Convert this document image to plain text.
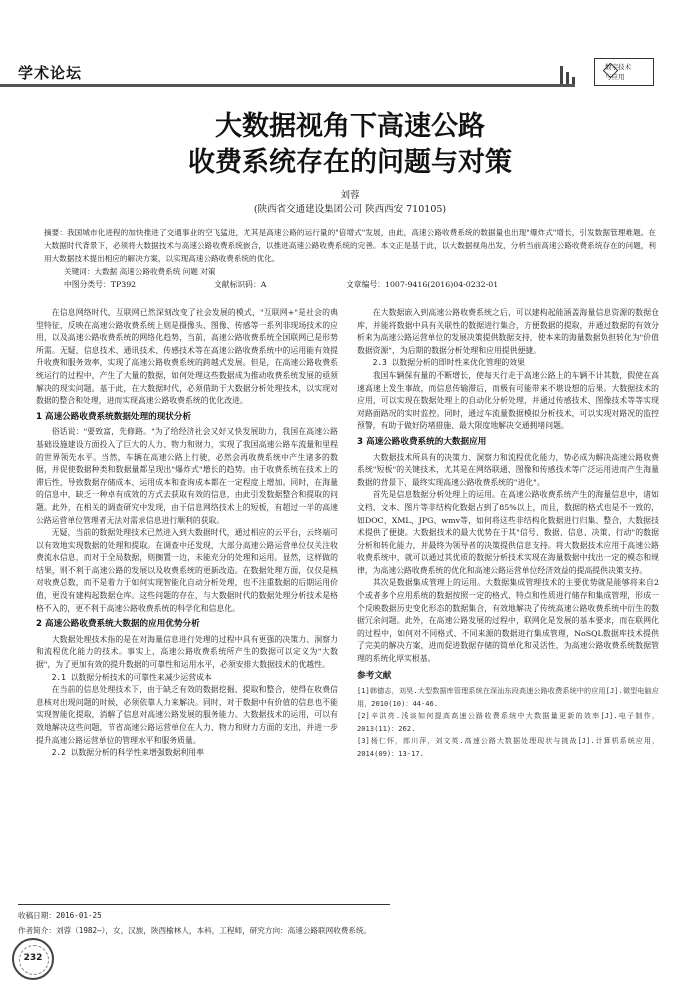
学术论坛	数字技术
与应用
大数据视角下高速公路
收费系统存在的问题与对策
刘蓉
(陕西省交通建设集团公司 陕西西安 710105)
摘要：我国城市化进程的加快推进了交通事业的空飞猛进，尤其是高速公路的运行量的"倍增式"发展，由此，高速公路收费系统的数据量也出现"爆炸式"增长，引发数据管理难题。在大数据时代背景下，必须将大数据技术与高速公路收费系统嵌合，以推进高速公路收费系统的完善。本文正是基于此，以大数据视角出发，分析当前高速公路收费系统存在的问题，利用大数据技术提出相应的解决方案，以实现高速公路收费系统的优化。
关键词：大数据 高速公路收费系统 问题 对策
中图分类号：TP392	文献标识码：A	文章编号：1007-9416(2016)04-0232-01

在信息网络时代，互联网已然深刻改变了社会发展的模式，"互联网+"是社会的典型特征，反映在高速公路收费系统上则是摄像头、图像、传感等一系列非现场技术的应用，以及高速公路收费系统的网络化趋势，当前，高速公路收费系统全国联网已是形势所需。无疑，信息技术、通讯技术、传感技术等在高速公路收费系统中的运用能有效提升收费和服务效率，实现了高速公路收费系统的跨越式发展。但是，在高速公路收费系统运行的过程中，产生了大量的数据，如何处理这些数据成为推动收费系统发展的亟须解决的现实问题。基于此，在大数据时代，必须借助于大数据分析处理技术，以实现对数据的整合和处理，进而实现高速公路收费系统的优化改进。

1 高速公路收费系统数据处理的现状分析

俗话说："要致富，先修路。"为了给经济社会又好又快发展助力，我国在高速公路基础设施建设方面投入了巨大的人力、物力和财力，实现了我国高速公路车流量和里程的世界领先水平。当然，车辆在高速公路上行驶，必然会再收费系统中产生诸多的数据，并促使数据种类和数据量都呈现出"爆炸式"增长的趋势。由于收费系统在技术上的滞后性，导致数据存储成本、运用成本和查询成本都在一定程度上增加。同时，在海量的信息中，缺乏一种卓有成效的方式去获取有效的信息，由此引发数据整合和提取的问题。此外，在相关的调查研究中发现，由于信息网络技术上的短板，有超过一半的高速公路运营单位管理者无法对需求信息进行顺利的获取。

无疑，当前的数据处理技术已然进入到大数据时代，通过相应的云平台，云终端可以有效地实现数据的处理和提取。在调查中还发现，大部分高速公路运营单位仅关注收费流水信息，而对于全局数据，则搁置一边，未能充分的处理和运用。显然，这样做的结果，则不利于高速公路的发展以及收费系统的更新改造。在数据处理方面，仅仅是核对收费总数，而不是着力于如何实现智能化自动分析处理，也不注重数据的后期运用价值，更没有建构起数据仓库。这些问题的存在，与大数据时代的数据处理分析技术是格格不入的，更不利于高速公路收费系统的科学化和信息化。

2 高速公路收费系统大数据的应用优势分析

大数据处理技术指的是在对海量信息进行处理的过程中具有更强的决策力、洞察力和流程优化能力的技术。事实上，高速公路收费系统所产生的数据可以定义为"大数据"，为了更加有效的提升数据的可靠性和运用水平，必须安排大数据技术的优越性。

2.1 以数据分析技术的可靠性来减少运营成本

在当前的信息处理技术下，由于缺乏有效的数据挖掘、提取和整合，使得在收费信息核对出现问题的时候，必须依靠人力来解决。同时，对于数据中有价值的信息也不能实现智能化提取，消解了信息对高速公路发展的服务能力。大数据技术的运用，可以有效地解决这些问题，节省高速公路运营单位在人力、物力和财力方面的支出，并进一步提升高速公路运营单位的管理水平和服务质量。

2.2 以数据分析的科学性来增强数据利用率

在大数据嵌入到高速公路收费系统之后，可以建构起能涵盖海量信息资源的数据仓库，并能将数据中具有关联性的数据进行集合，方便数据的提取，并通过数据的有效分析来为高速公路运营单位的发展决策提供数据支持，使本来的海量数据负担转化为"价值数据资源"，为后期的数据分析处理和应用提供便捷。

2.3 以数据分析的即时性来优化管理的效果

我国车辆保有量的不断增长，使每天行走于高速公路上的车辆不计其数，假使在高速高速上发生事故，而信息传输滞后，而极有可能带来不堪设想的后果。大数据技术的应用，可以实现在数据处理上的自动化分析处理，并通过传感技术、图像技术等等实现对路面路况的实时监控。同时，通过车流量数据模拟分析技术，可以实现对路况的监控预警，有助于做好防堵措施、最大限度地解决交通拥堵问题。

3 高速公路收费系统的大数据应用

大数据技术所具有的决策力、洞察力和流程优化能力，势必成为解决高速公路收费系统"短板"的关键技术，尤其是在网络联通、图像和传感技术等广泛运用进而产生海量数据的背景下，最终实现高速公路收费系统的"进化"。

首先是信息数据分析处理上的运用。在高速公路收费系统产生的海量信息中，诸如文档、文本、图片等非结构化数据占到了85%以上，而且，数据的格式也是不一致的，如DOC、XML、JPG、wmv等，如何将这些非结构化数据进行归集、整合，大数据技术提供了便捷。大数据技术的最大优势在于其"信号、数据、信息、决策、行动"的数据分析和转化能力，并最终为领导者的决策提供信息支持。将大数据技术应用于高速公路收费系统中，就可以通过其优质的数据分析技术实现在海量数据中找出一定的模态和规律，为高速公路收费系统的优化和高速公路运营单位经济效益的提高提供决策支持。

其次是数据集成管理上的运用。大数据集成管理技术的主要优势就是能够将来自2个或者多个应用系统的数据按照一定的格式、特点和性质进行储存和集成管理，形成一个反映数据历史变化形态的数据集合，有效地解决了传统高速公路收费系统中衍生的数据冗余问题。此外，在高速公路发展的过程中，联网化是发展的基本要求，而在联网化的过程中，如何对不同格式、不同来源的数据进行集成管理，NoSQL数据库技术提供了完美的解决方案，进而促进数据存储的简单化和灵活性，为高速公路收费系统数据管理的系统化厚实根基。

参考文献

[1]韩德志，刘昊.大型数据库管理系统在深汕东段高速公路收费系统中的应用[J].微型电脑应用，2010(10)：44-46.

[2]辛洪亮.浅谈如何提高高速公路收费系统中大数据量更新的效率[J].电子制作，2013(11)：262.

[3]杨仁怀，郎川萍，刘文英.高速公路大数据处理现状与挑战[J].计算机系统应用，2014(09)：13-17.

收稿日期：2016-01-25
作者简介：刘蓉（1982—），女，汉族，陕西榆林人，本科，工程师，研究方向：高速公路联网收费系统。
232
